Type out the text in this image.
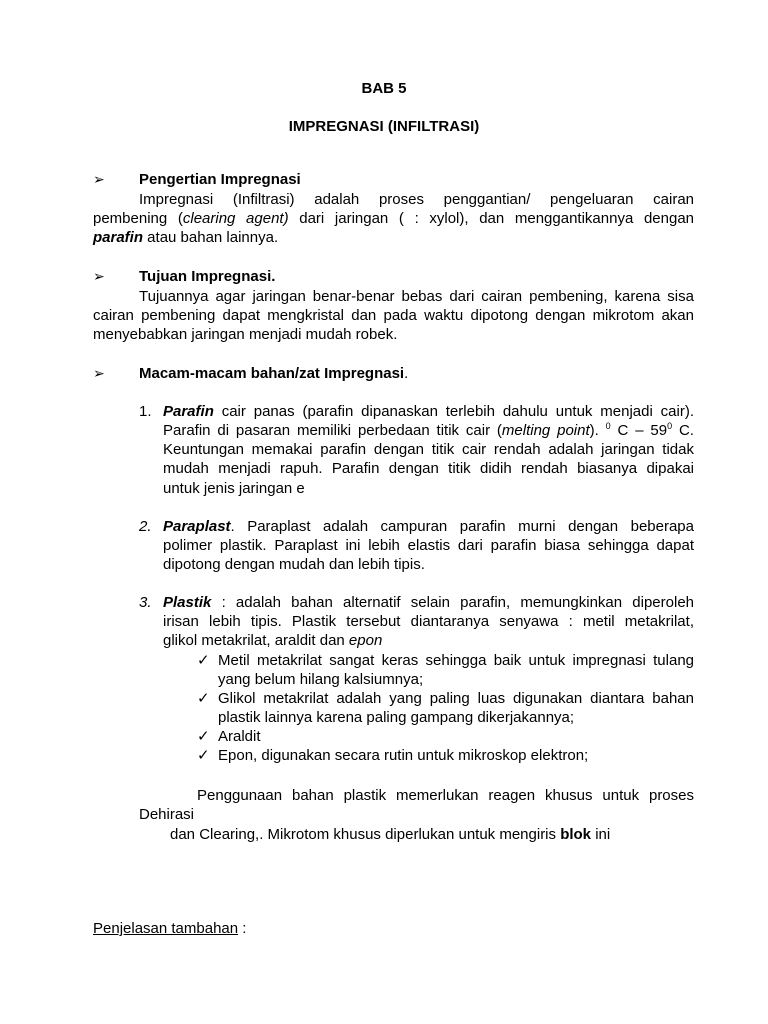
BAB 5
IMPREGNASI (INFILTRASI)
➢ Pengertian Impregnasi
Impregnasi (Infiltrasi) adalah proses penggantian/ pengeluaran cairan
pembening (clearing agent) dari jaringan ( : xylol), dan menggantikannya dengan
parafin atau bahan lainnya.
➢ Tujuan Impregnasi.
Tujuannya agar jaringan benar-benar bebas dari cairan pembening, karena sisa
cairan pembening dapat mengkristal dan pada waktu dipotong dengan mikrotom akan
menyebabkan jaringan menjadi mudah robek.
➢ Macam-macam bahan/zat Impregnasi.
1. Parafin cair panas (parafin dipanaskan terlebih dahulu untuk menjadi cair).
Parafin di pasaran memiliki perbedaan titik cair (melting point). $^0$ C – $59^0$ C.
Keuntungan memakai parafin dengan titik cair rendah adalah jaringan tidak
mudah menjadi rapuh. Parafin dengan titik didih rendah biasanya dipakai
untuk jenis jaringan e
2. Paraplast. Paraplast adalah campuran parafin murni dengan beberapa
polimer plastik. Paraplast ini lebih elastis dari parafin biasa sehingga dapat
dipotong dengan mudah dan lebih tipis.
3. Plastik : adalah bahan alternatif selain parafin, memungkinkan diperoleh
irisan lebih tipis. Plastik tersebut diantaranya senyawa : metil metakrilat,
glikol metakrilat, araldit dan epon
✓ Metil metakrilat sangat keras sehingga baik untuk impregnasi tulang
yang belum hilang kalsiumnya;
✓ Glikol metakrilat adalah yang paling luas digunakan diantara bahan
plastik lainnya karena paling gampang dikerjakannya;
✓ Araldit
✓ Epon, digunakan secara rutin untuk mikroskop elektron;
Penggunaan bahan plastik memerlukan reagen khusus untuk proses
Dehirasi
dan Clearing,. Mikrotom khusus diperlukan untuk mengiris blok ini
Penjelasan tambahan :
